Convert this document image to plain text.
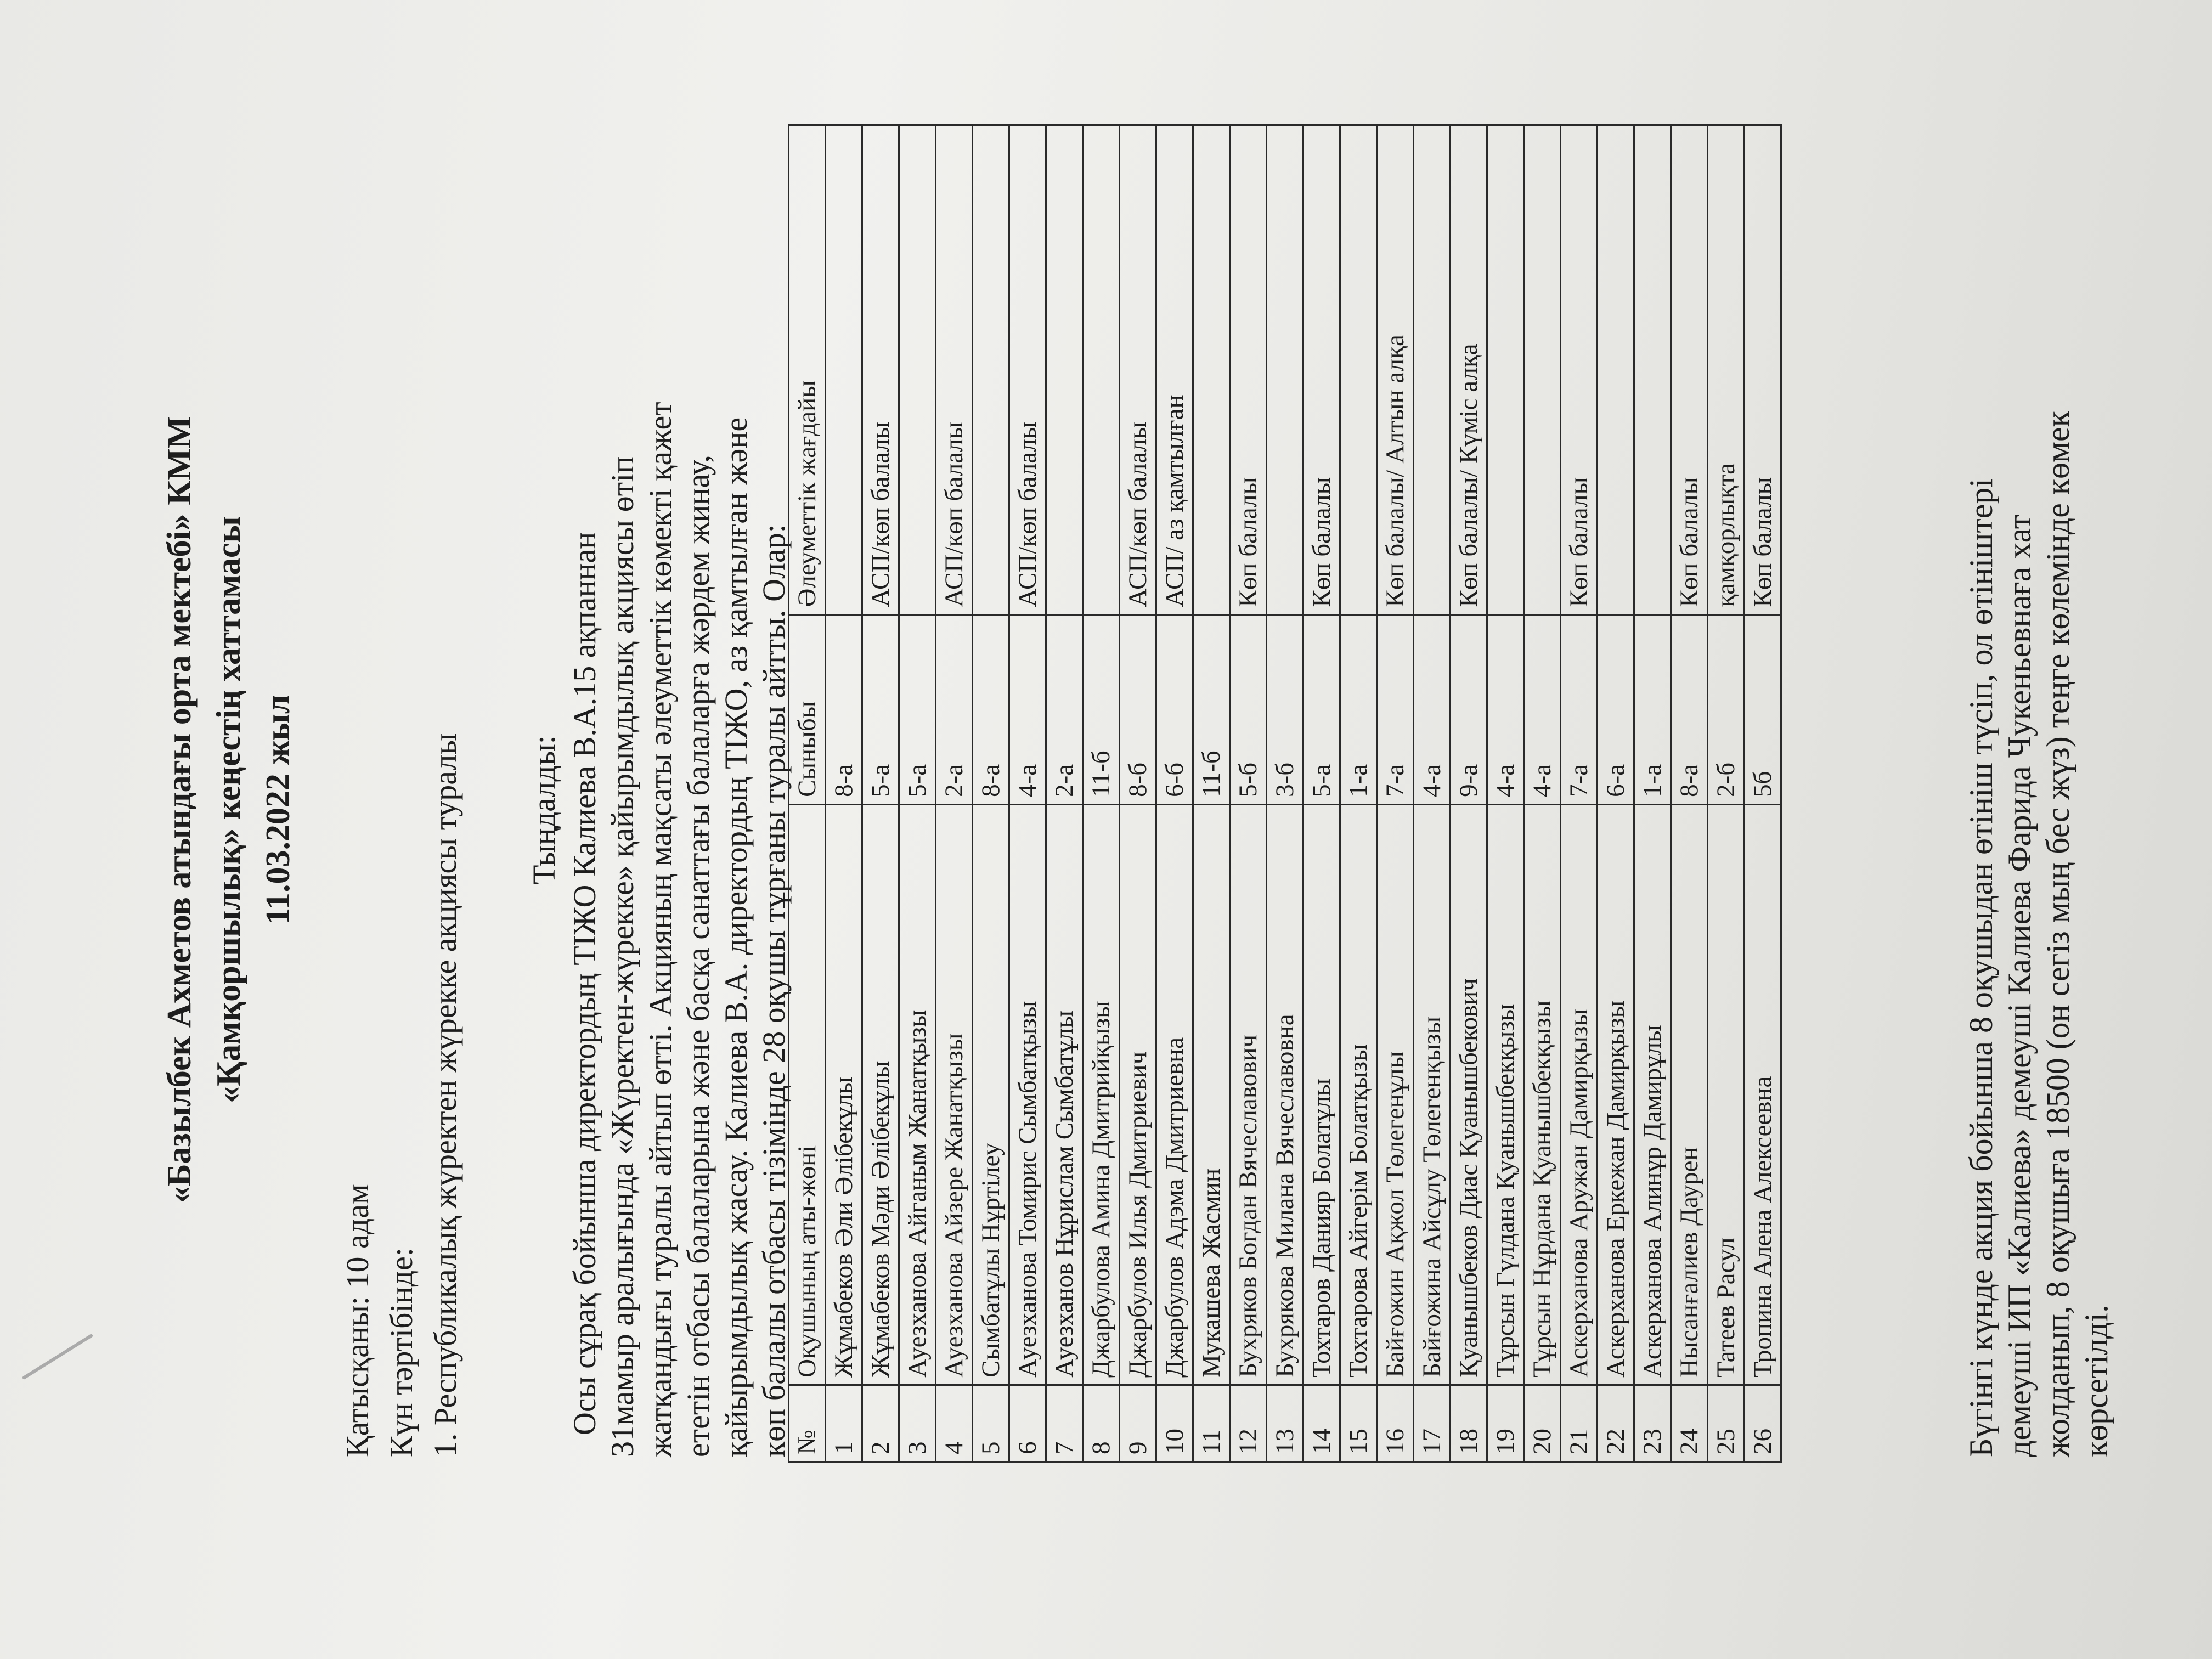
«Базылбек Ахметов атындағы орта мектебі» КММ «Қамқоршылық» кеңестің хаттамасы 11.03.2022 жыл
Қатысқаны: 10 адам Күн тәртібінде: 1. Республикалық жүректен жүрекке акциясы туралы Тыңдалды: Осы сұрақ бойынша директордың ТІЖО Калиева В.А.15 ақпаннан 31мамыр аралығында «Жүректен-жүрекке» қайырымдылық акциясы өтіп жатқандығы туралы айтып өтті. Акцияның мақсаты әлеуметтік көмекті қажет ететін отбасы балаларына және басқа санаттағы балаларға жәрдем жинау, қайырымдылық жасау. Калиева В.А. директордың ТІЖО, аз қамтылған және көп балалы отбасы тізімінде 28 оқушы тұрғаны туралы айтты. Олар: №	Оқушының аты-жөні	Сыныбы	Әлеуметтік жағдайы
1	Жұмабеков Әли Әлібекұлы	8-а	
2	Жұмабеков Мәди Әлібекұлы	5-а	АСП/көп балалы
3	Ауезханова Айганым Жанатқызы	5-а	
4	Ауезханова Айзере Жанатқызы	2-а	АСП/көп балалы
5	Сымбатұлы Нұртілеу	8-а	
6	Ауезханова Томирис Сымбатқызы	4-а	АСП/көп балалы
7	Ауезханов Нұрислам Сымбатұлы	2-а	
8	Джарбулова Амина Дмитрийқызы	11-б	
9	Джарбулов Илья Дмитриевич	8-б	АСП/көп балалы
10	Джарбулов Адэма Дмитриевна	6-б	АСП/ аз қамтылған
11	Мукашева Жасмин	11-б	
12	Бухряков Богдан Вячеславович	5-б	Көп балалы
13	Бухрякова Милана Вячеславовна	3-б	
14	Тохтаров Данияр Болатұлы	5-а	Көп балалы
15	Тохтарова Айгерім Болатқызы	1-а	
16	Байғожин Ақжол Төлегенұлы	7-а	Көп балалы/ Алтын алқа
17	Байғожина Айсұлу Төлегенқызы	4-а	
18	Қуанышбеков Диас Қуанышбекович	9-а	Көп балалы/ Күміс алқа
19	Тұрсын Гүлдана Қуанышбекқызы	4-а	
20	Тұрсын Нұрдана Қуанышбекқызы	4-а	
21	Аскерханова Аружан Дамирқызы	7-а	Көп балалы
22	Аскерханова Еркежан Дамирқызы	6-а	
23	Аскерханова Алинұр Дамирұлы	1-а	
24	Нысанғалиев Даурен	8-а	Көп балалы
25	Татеев Расул	2-б	қамқорлықта
26	Тропина Алена Алексеевна	5б	Көп балалы	Бүгінгі күнде акция бойынша 8 оқушыдан өтініш түсіп, ол өтініштері демеуші ИП «Калиева» демеуші Калиева Фарида Чукеньевнаға хат жолданып, 8 оқушыға 18500 (он сегіз мың бес жүз) теңге көлемінде көмек көрсетілді.
